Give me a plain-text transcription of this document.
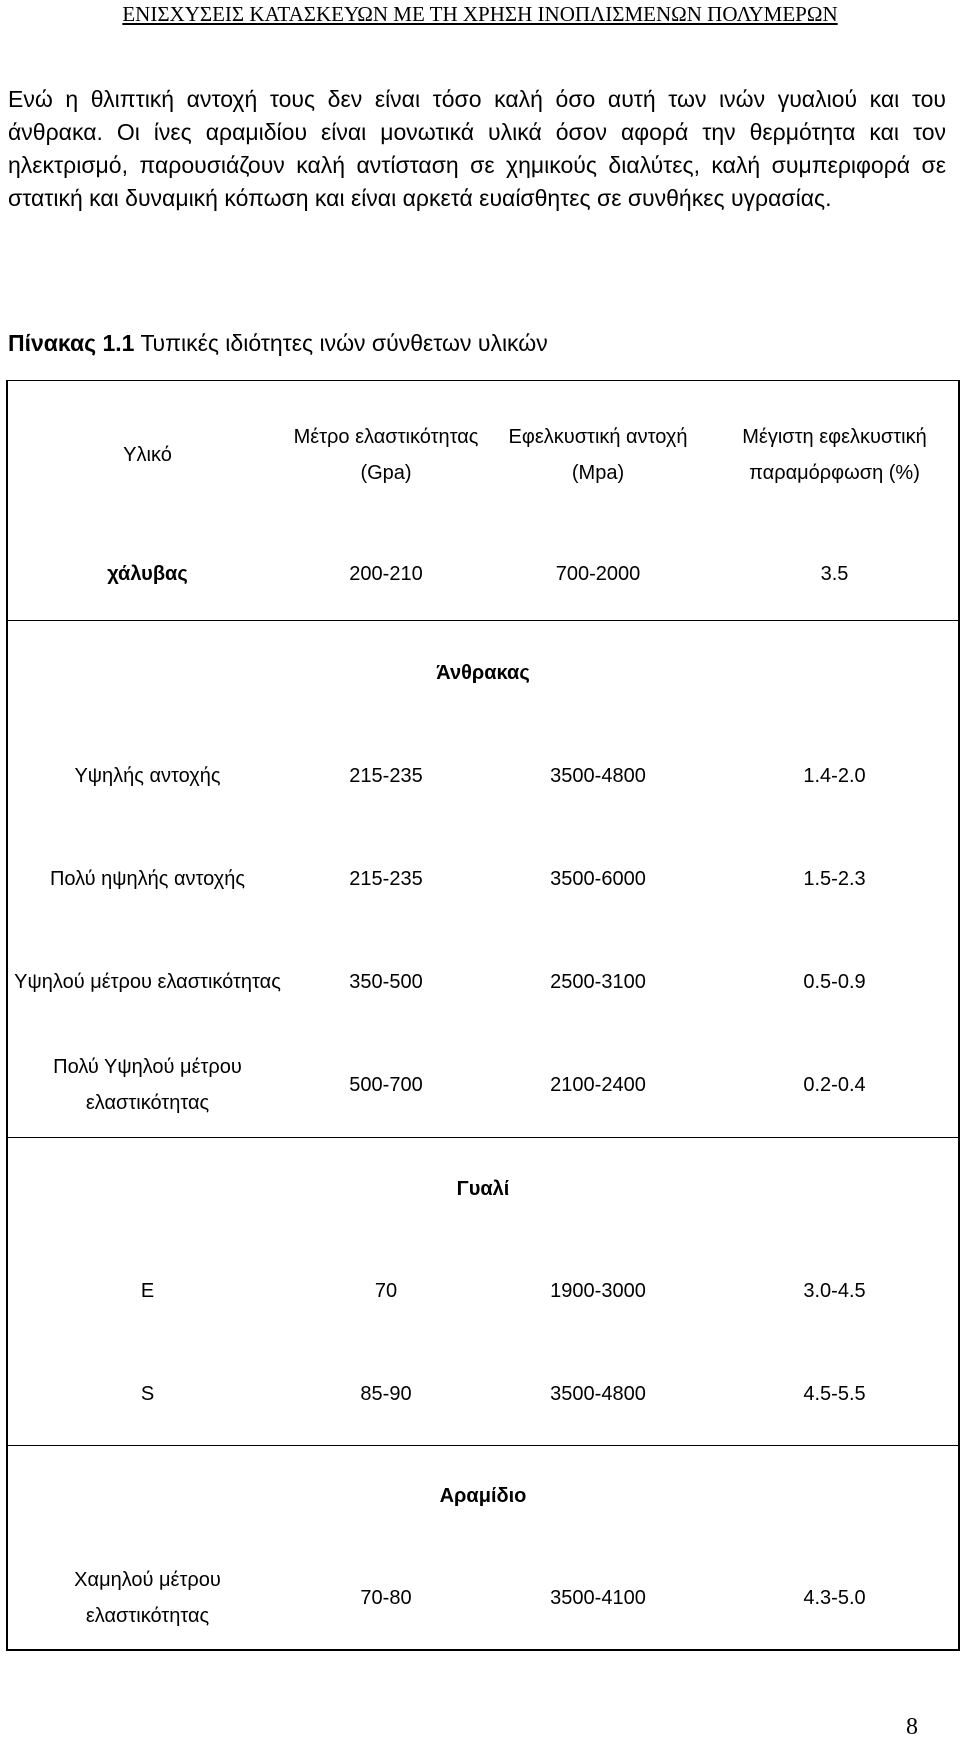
ΕΝΙΣΧΥΣΕΙΣ ΚΑΤΑΣΚΕΥΩΝ ΜΕ ΤΗ ΧΡΗΣΗ ΙΝΟΠΛΙΣΜΕΝΩΝ ΠΟΛΥΜΕΡΩΝ

Ενώ η θλιπτική αντοχή τους δεν είναι τόσο καλή όσο αυτή των ινών γυαλιού και του άνθρακα. Οι ίνες αραμιδίου είναι μονωτικά υλικά όσον αφορά την θερμότητα και τον ηλεκτρισμό, παρουσιάζουν καλή αντίσταση σε χημικούς διαλύτες, καλή συμπεριφορά σε στατική και δυναμική κόπωση και είναι αρκετά ευαίσθητες σε συνθήκες υγρασίας.

Πίνακας 1.1 Τυπικές ιδιότητες ινών σύνθετων υλικών

Υλικό	Μέτρο ελαστικότητας (Gpa)	Εφελκυστική αντοχή (Mpa)	Μέγιστη εφελκυστική παραμόρφωση (%)
χάλυβας	200-210	700-2000	3.5
Άνθρακας			
Υψηλής αντοχής	215-235	3500-4800	1.4-2.0
Πολύ ηψηλής αντοχής	215-235	3500-6000	1.5-2.3
Υψηλού μέτρου ελαστικότητας	350-500	2500-3100	0.5-0.9
Πολύ Υψηλού μέτρου ελαστικότητας	500-700	2100-2400	0.2-0.4
Γυαλί			
E	70	1900-3000	3.0-4.5
S	85-90	3500-4800	4.5-5.5
Αραμίδιο			
Χαμηλού μέτρου ελαστικότητας	70-80	3500-4100	4.3-5.0
8
